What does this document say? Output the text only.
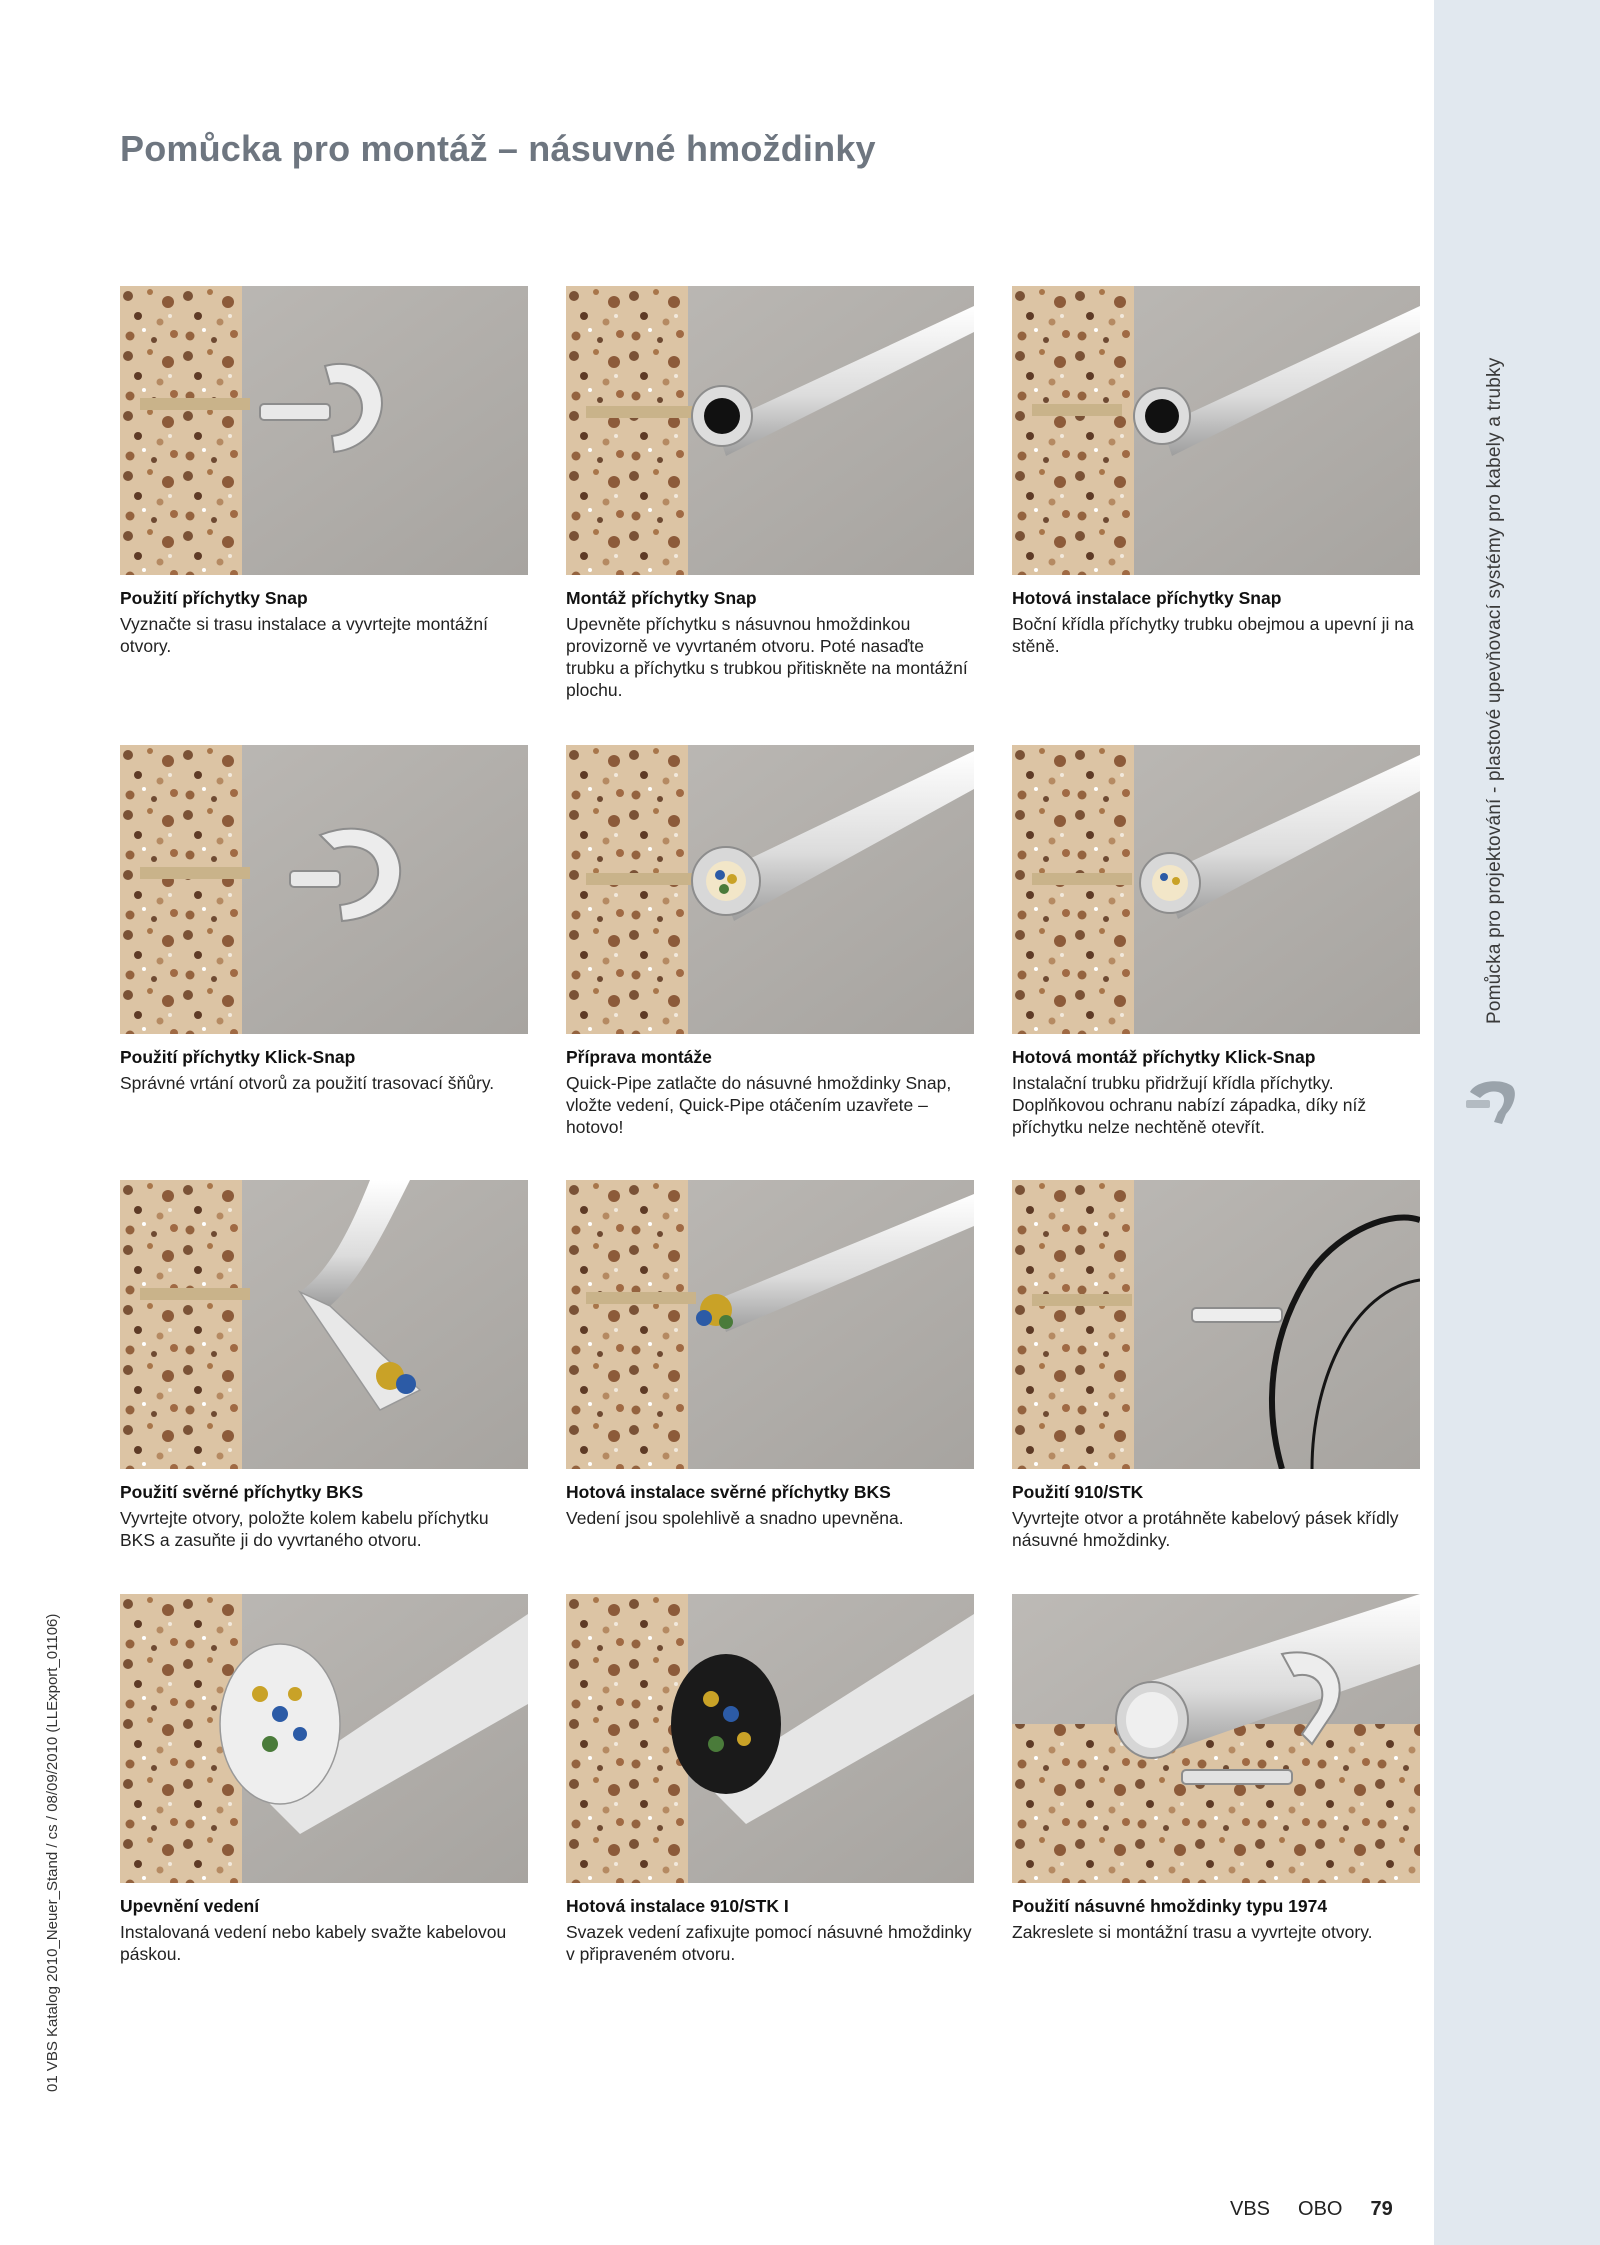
Pomůcka pro montáž – násuvné hmoždinky
Pomůcka pro projektování - plastové upevňovací systémy pro kabely a trubky
01 VBS Katalog 2010_Neuer_Stand / cs / 08/09/2010 (LLExport_01106)
VBS OBO 79
Použití příchytky Snap
Vyznačte si trasu instalace a vyvrtejte montážní otvory.
Montáž příchytky Snap
Upevněte příchytku s násuvnou hmoždinkou provizorně ve vyvrtaném otvoru. Poté nasaďte trubku a příchytku s trubkou přitiskněte na montážní plochu.
Hotová instalace příchytky Snap
Boční křídla příchytky trubku obejmou a upevní ji na stěně.
Použití příchytky Klick-Snap
Správné vrtání otvorů za použití trasovací šňůry.
Příprava montáže
Quick-Pipe zatlačte do násuvné hmoždinky Snap, vložte vedení, Quick-Pipe otáčením uzavřete – hotovo!
Hotová montáž příchytky Klick-Snap
Instalační trubku přidržují křídla příchytky. Doplňkovou ochranu nabízí západka, díky níž příchytku nelze nechtěně otevřít.
Použití svěrné příchytky BKS
Vyvrtejte otvory, položte kolem kabelu příchytku BKS a zasuňte ji do vyvrtaného otvoru.
Hotová instalace svěrné příchytky BKS
Vedení jsou spolehlivě a snadno upevněna.
Použití 910/STK
Vyvrtejte otvor a protáhněte kabelový pásek křídly násuvné hmoždinky.
Upevnění vedení
Instalovaná vedení nebo kabely svažte kabelovou páskou.
Hotová instalace 910/STK I
Svazek vedení zafixujte pomocí násuvné hmoždinky v připraveném otvoru.
Použití násuvné hmoždinky typu 1974
Zakreslete si montážní trasu a vyvrtejte otvory.
